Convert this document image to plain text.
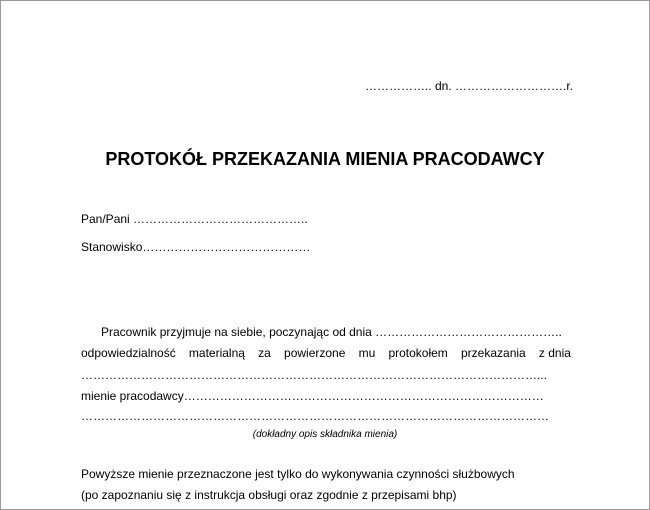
…………….. dn. ……………………….r.
PROTOKÓŁ PRZEKAZANIA MIENIA PRACODAWCY
Pan/Pani ……………………………………..
Stanowisko……………………………………
Pracownik przyjmuje na siebie, poczynając od dnia ………………………………………..
odpowiedzialność materialną za powierzone mu protokołem przekazania z dnia
……………………………………………………………………………………………………...
mienie pracodawcy………………………………………………………………………………
………………………………………………………………………………………………………
(dokładny opis składnika mienia)
Powyższe mienie przeznaczone jest tylko do wykonywania czynności służbowych
(po zapoznaniu się z instrukcja obsługi oraz zgodnie z przepisami bhp)
